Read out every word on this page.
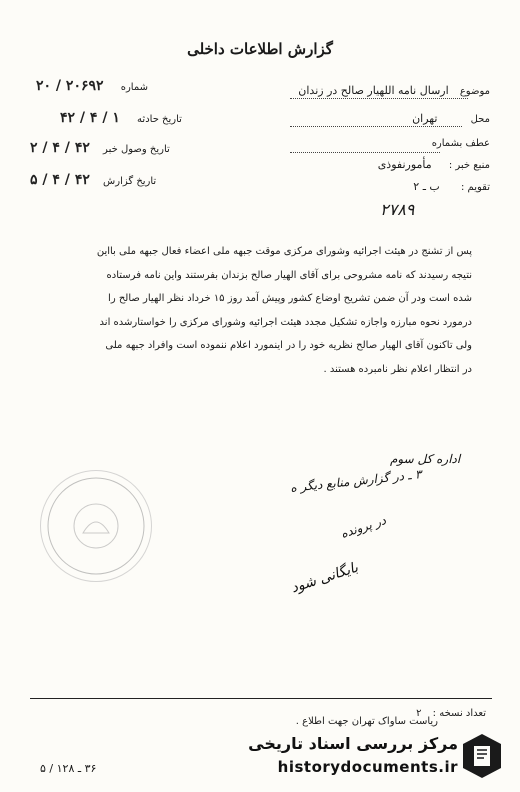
گزارش اطلاعات داخلی
موضوع ارسال نامه اللهیار صالح در زندان
محل تهران
عطف بشماره
منبع خبر : مأمورنفوذی
تقویم : ب ـ ۲
۲۷۸۹
شماره ۲۰۶۹۲ / ۲۰
تاریخ حادثه ۱ / ۴ / ۴۲
تاریخ وصول خبر ۴۲ / ۴ / ۲
تاریخ گزارش ۴۲ / ۴ / ۵

پس از تشنج در هیئت اجرائیه وشورای مرکزی موقت جبهه ملی اعضاء فعال جبهه ملی بااین

نتیجه رسیدند که نامه مشروحی برای آقای الهیار صالح بزندان بفرستند واین نامه فرستاده

شده است ودر آن ضمن تشریح اوضاع کشور وپیش آمد روز ۱۵ خرداد نظر الهیار صالح را

درمورد نحوه مبارزه واجازه تشکیل مجدد هیئت اجرائیه وشورای مرکزی را خواستارشده اند

ولی تاکنون آقای الهیار صالح نظریه خود را در اینمورد اعلام ننموده است وافراد جبهه ملی

در انتظار اعلام نظر نامبرده هستند .

اداره کل سوم
۳ ـ در گزارش منابع دیگر ه
در پرونده
بایگانی شود
تعداد نسخه : ۲
ریاست ساواک تهران جهت اطلاع .
۳۶ ـ ۱۲۸ / ۵
مرکز بررسی اسناد تاریخی
historydocuments.ir
